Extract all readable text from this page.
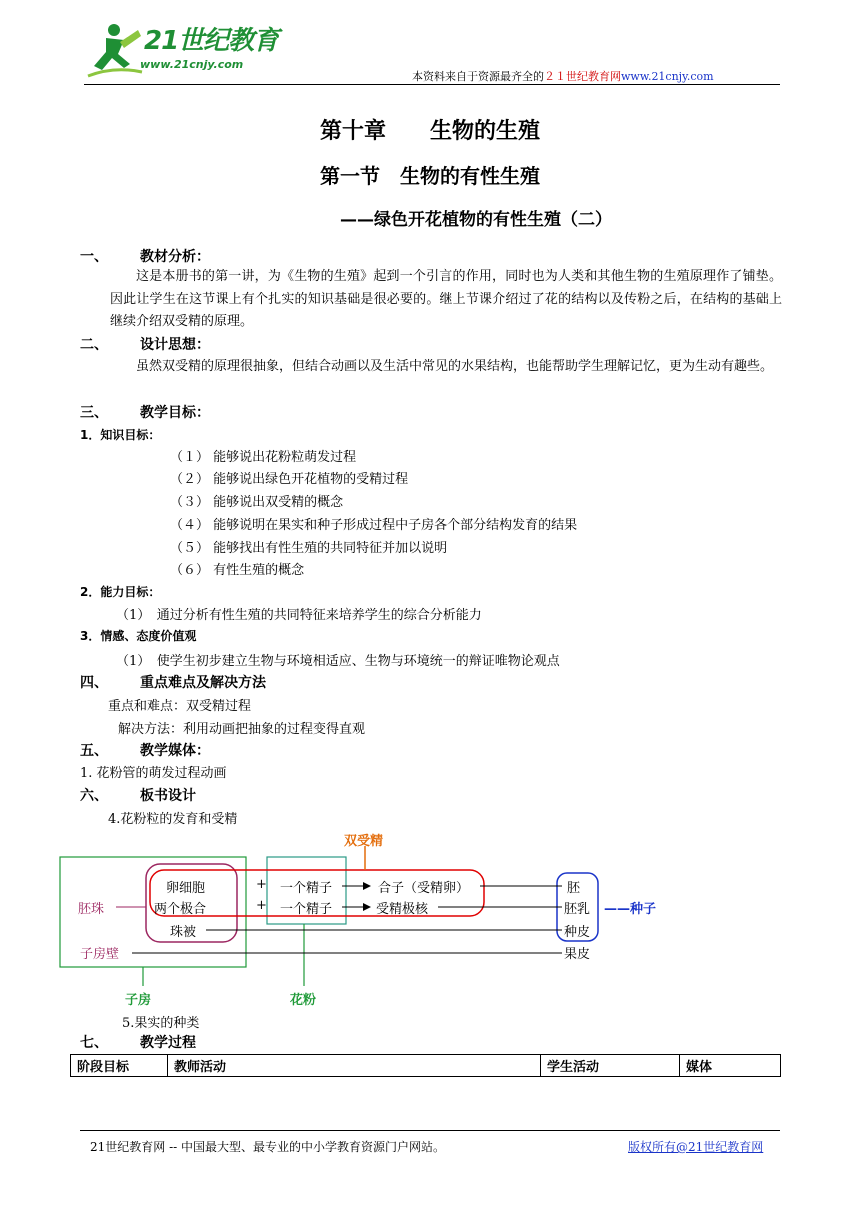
21世纪教育
www.21cnjy.com
本资料来自于资源最齐全的２１世纪教育网www.21cnjy.com
第十章　　生物的生殖
第一节　生物的有性生殖
——绿色开花植物的有性生殖（二）
一、 教材分析：
这是本册书的第一讲，为《生物的生殖》起到一个引言的作用，同时也为人类和其他生物的生殖原理作了铺垫。因此让学生在这节课上有个扎实的知识基础是很必要的。继上节课介绍过了花的结构以及传粉之后，在结构的基础上继续介绍双受精的原理。
二、 设计思想：
虽然双受精的原理很抽象，但结合动画以及生活中常见的水果结构，也能帮助学生理解记忆，更为生动有趣些。
三、 教学目标：
1．知识目标：
（１） 能够说出花粉粒萌发过程
（２） 能够说出绿色开花植物的受精过程
（３） 能够说出双受精的概念
（４） 能够说明在果实和种子形成过程中子房各个部分结构发育的结果
（５） 能够找出有性生殖的共同特征并加以说明
（６） 有性生殖的概念
2．能力目标：
（1）　通过分析有性生殖的共同特征来培养学生的综合分析能力
3．情感、态度价值观
（1）　使学生初步建立生物与环境相适应、生物与环境统一的辩证唯物论观点
四、 重点难点及解决方法
重点和难点：双受精过程
解决方法：利用动画把抽象的过程变得直观
五、 教学媒体：
1. 花粉管的萌发过程动画
六、 板书设计
4.花粉粒的发育和受精
双受精
胚珠
子房壁
子房	花粉
卵细胞
两个极合
珠被
+
+
一个精子
一个精子
合子（受精卵）
受精极核
胚
胚乳
种皮
果皮
——种子
5.果实的种类
七、 教学过程
阶段目标	教师活动	学生活动	媒体
21世纪教育网 -- 中国最大型、最专业的中小学教育资源门户网站。	版权所有@21世纪教育网
